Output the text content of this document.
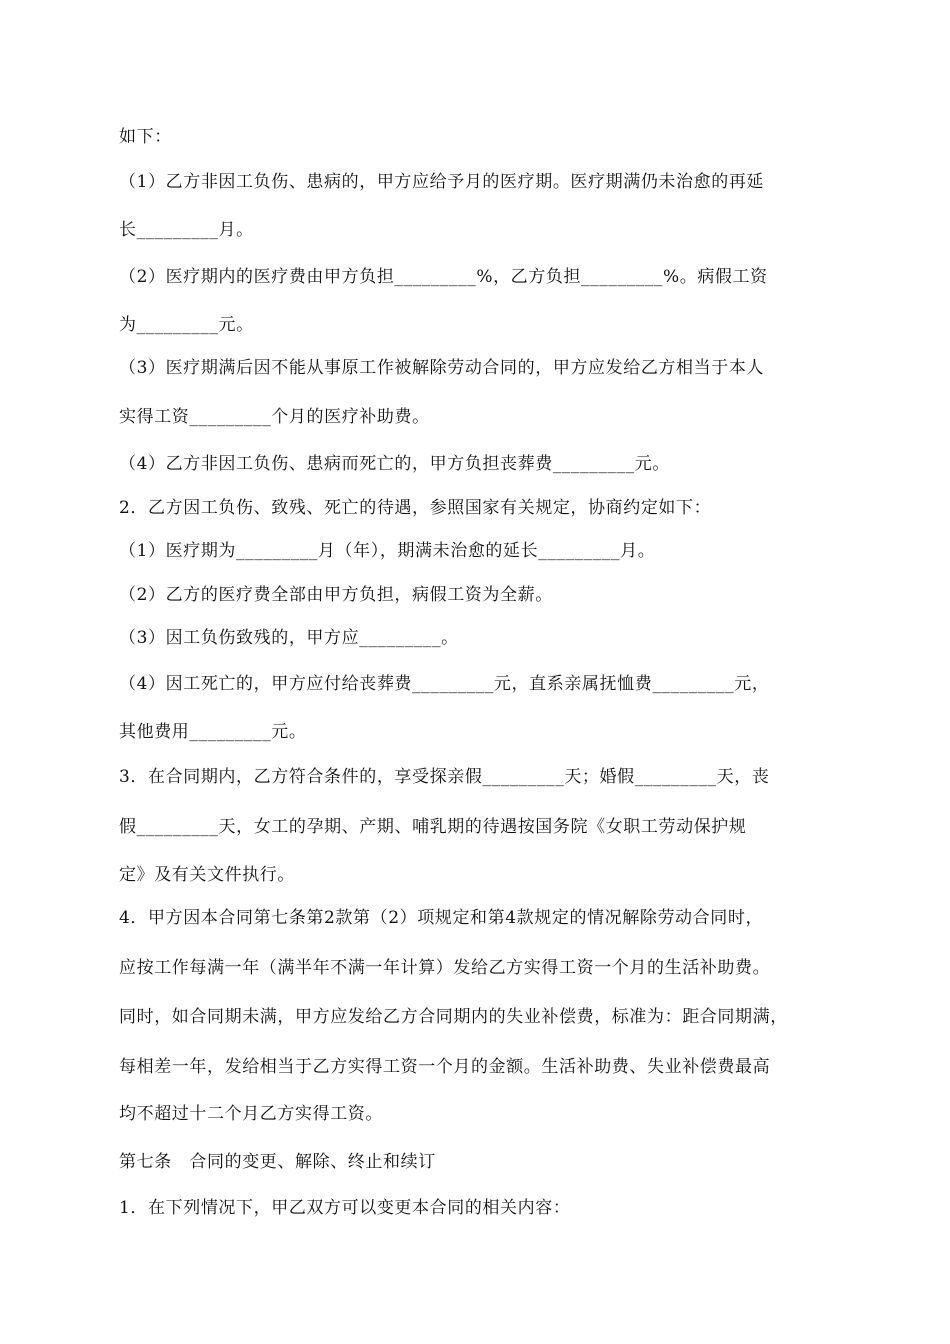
如下：
（1）乙方非因工负伤、患病的，甲方应给予月的医疗期。医疗期满仍未治愈的再延
长_________月。
（2）医疗期内的医疗费由甲方负担_________%，乙方负担_________%。病假工资
为_________元。
（3）医疗期满后因不能从事原工作被解除劳动合同的，甲方应发给乙方相当于本人
实得工资_________个月的医疗补助费。
（4）乙方非因工负伤、患病而死亡的，甲方负担丧葬费_________元。
2．乙方因工负伤、致残、死亡的待遇，参照国家有关规定，协商约定如下：
（1）医疗期为_________月（年），期满未治愈的延长_________月。
（2）乙方的医疗费全部由甲方负担，病假工资为全薪。
（3）因工负伤致残的，甲方应_________。
（4）因工死亡的，甲方应付给丧葬费_________元，直系亲属抚恤费_________元，
其他费用_________元。
3．在合同期内，乙方符合条件的，享受探亲假_________天；婚假_________天，丧
假_________天，女工的孕期、产期、哺乳期的待遇按国务院《女职工劳动保护规
定》及有关文件执行。
4．甲方因本合同第七条第2款第（2）项规定和第4款规定的情况解除劳动合同时，
应按工作每满一年（满半年不满一年计算）发给乙方实得工资一个月的生活补助费。
同时，如合同期未满，甲方应发给乙方合同期内的失业补偿费，标准为：距合同期满，
每相差一年，发给相当于乙方实得工资一个月的金额。生活补助费、失业补偿费最高
均不超过十二个月乙方实得工资。
第七条　合同的变更、解除、终止和续订
1．在下列情况下，甲乙双方可以变更本合同的相关内容：
